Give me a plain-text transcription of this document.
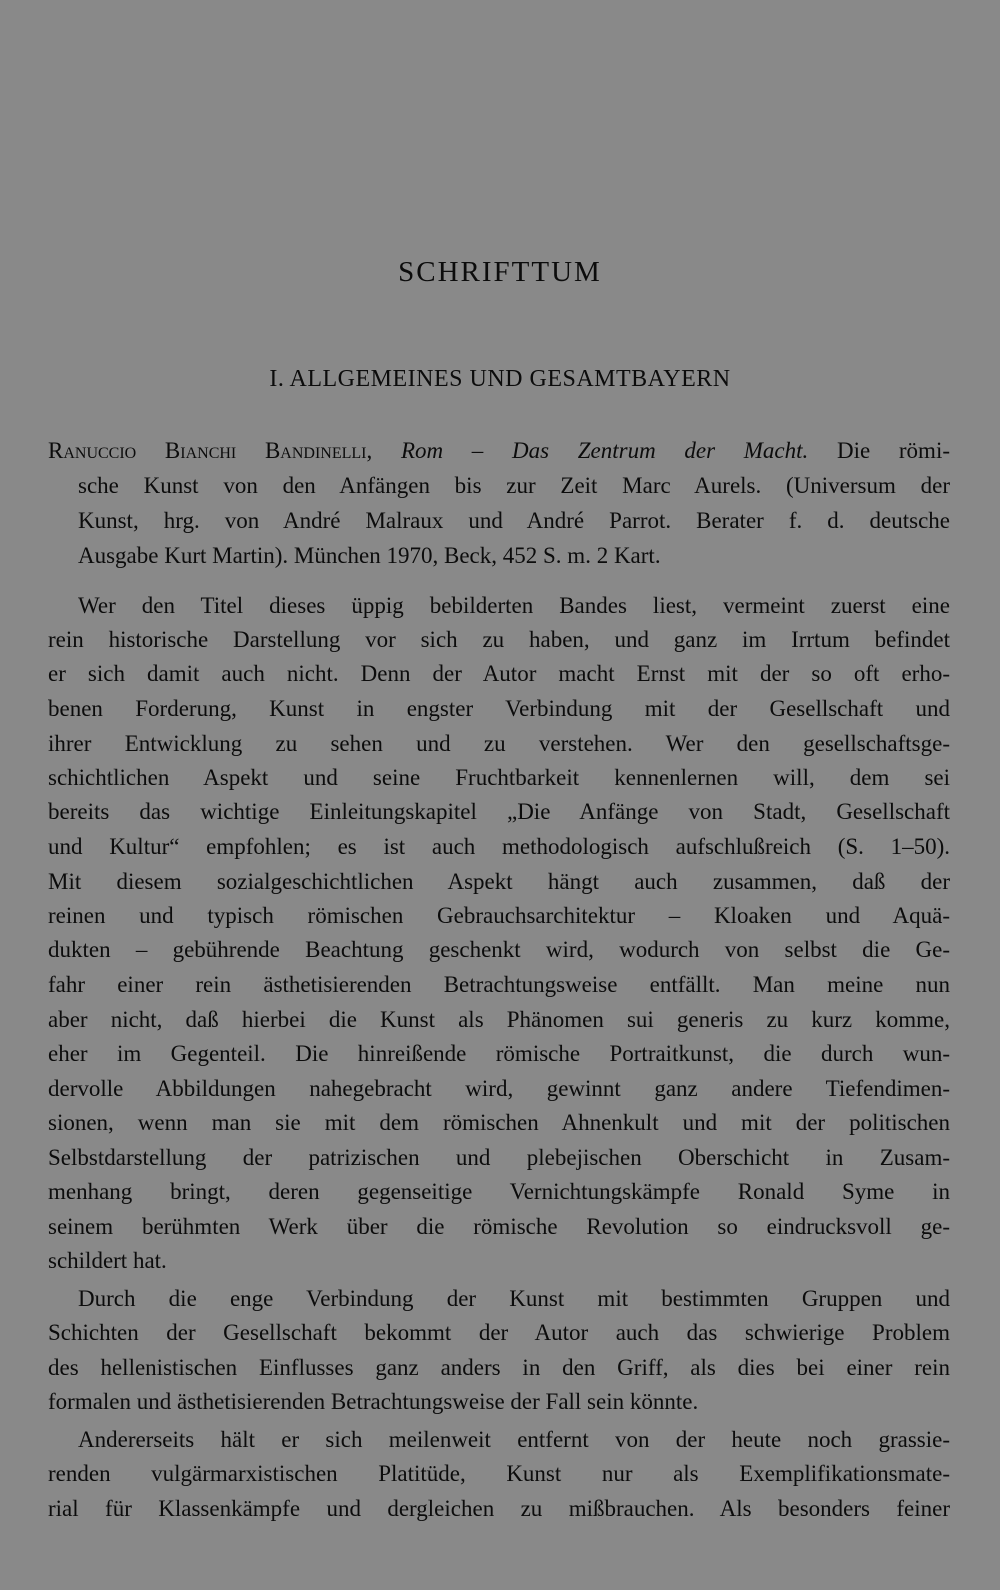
SCHRIFTTUM
I. ALLGEMEINES UND GESAMTBAYERN
Ranuccio Bianchi Bandinelli, Rom – Das Zentrum der Macht. Die römi-
sche Kunst von den Anfängen bis zur Zeit Marc Aurels. (Universum der
Kunst, hrg. von André Malraux und André Parrot. Berater f. d. deutsche
Ausgabe Kurt Martin). München 1970, Beck, 452 S. m. 2 Kart.
Wer den Titel dieses üppig bebilderten Bandes liest, vermeint zuerst eine
rein historische Darstellung vor sich zu haben, und ganz im Irrtum befindet
er sich damit auch nicht. Denn der Autor macht Ernst mit der so oft erho-
benen Forderung, Kunst in engster Verbindung mit der Gesellschaft und
ihrer Entwicklung zu sehen und zu verstehen. Wer den gesellschaftsge-
schichtlichen Aspekt und seine Fruchtbarkeit kennenlernen will, dem sei
bereits das wichtige Einleitungskapitel „Die Anfänge von Stadt, Gesellschaft
und Kultur“ empfohlen; es ist auch methodologisch aufschlußreich (S. 1–50).
Mit diesem sozialgeschichtlichen Aspekt hängt auch zusammen, daß der
reinen und typisch römischen Gebrauchsarchitektur – Kloaken und Aquä-
dukten – gebührende Beachtung geschenkt wird, wodurch von selbst die Ge-
fahr einer rein ästhetisierenden Betrachtungsweise entfällt. Man meine nun
aber nicht, daß hierbei die Kunst als Phänomen sui generis zu kurz komme,
eher im Gegenteil. Die hinreißende römische Portraitkunst, die durch wun-
dervolle Abbildungen nahegebracht wird, gewinnt ganz andere Tiefendimen-
sionen, wenn man sie mit dem römischen Ahnenkult und mit der politischen
Selbstdarstellung der patrizischen und plebejischen Oberschicht in Zusam-
menhang bringt, deren gegenseitige Vernichtungskämpfe Ronald Syme in
seinem berühmten Werk über die römische Revolution so eindrucksvoll ge-
schildert hat.
Durch die enge Verbindung der Kunst mit bestimmten Gruppen und
Schichten der Gesellschaft bekommt der Autor auch das schwierige Problem
des hellenistischen Einflusses ganz anders in den Griff, als dies bei einer rein
formalen und ästhetisierenden Betrachtungsweise der Fall sein könnte.
Andererseits hält er sich meilenweit entfernt von der heute noch grassie-
renden vulgärmarxistischen Platitüde, Kunst nur als Exemplifikationsmate-
rial für Klassenkämpfe und dergleichen zu mißbrauchen. Als besonders feiner
